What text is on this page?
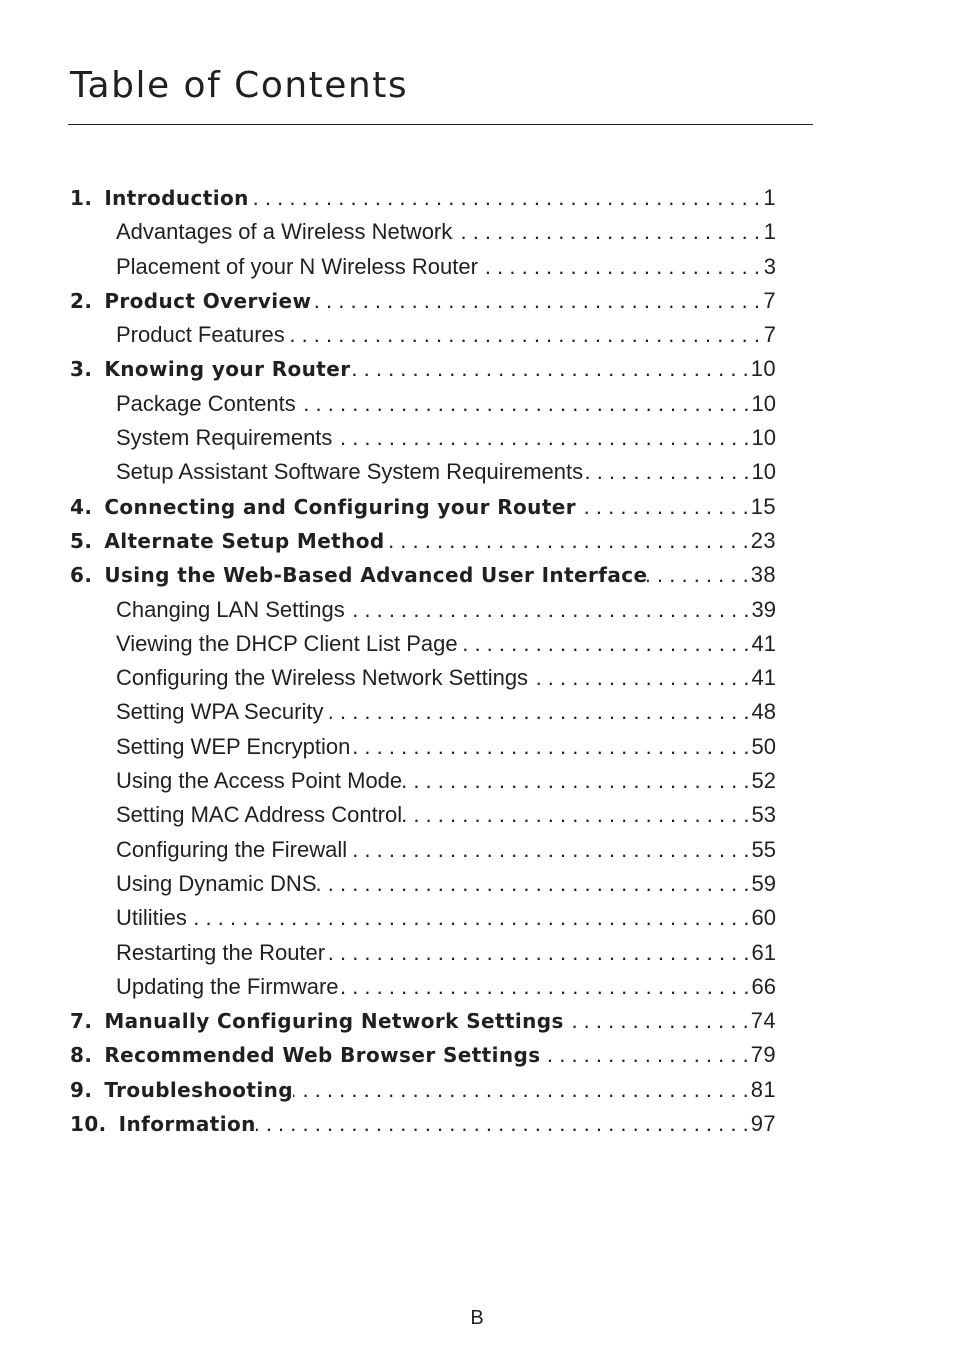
Table of Contents
1. Introduction . . .	1
Advantages of a Wireless Network . . .	1
Placement of your N Wireless Router . . .	3
2. Product Overview . . .	7
Product Features . . .	7
3. Knowing your Router . . .	10
Package Contents . . .	10
System Requirements . . .	10
Setup Assistant Software System Requirements . . .	10
4. Connecting and Configuring your Router . . .	15
5. Alternate Setup Method . . .	23
6. Using the Web-Based Advanced User Interface . . .	38
Changing LAN Settings . . .	39
Viewing the DHCP Client List Page . . .	41
Configuring the Wireless Network Settings . . .	41
Setting WPA Security . . .	48
Setting WEP Encryption . . .	50
Using the Access Point Mode . . .	52
Setting MAC Address Control . . .	53
Configuring the Firewall . . .	55
Using Dynamic DNS . . .	59
Utilities . . .	60
Restarting the Router . . .	61
Updating the Firmware . . .	66
7. Manually Configuring Network Settings . . .	74
8. Recommended Web Browser Settings . . .	79
9. Troubleshooting . . .	81
10. Information . . .	97
B
